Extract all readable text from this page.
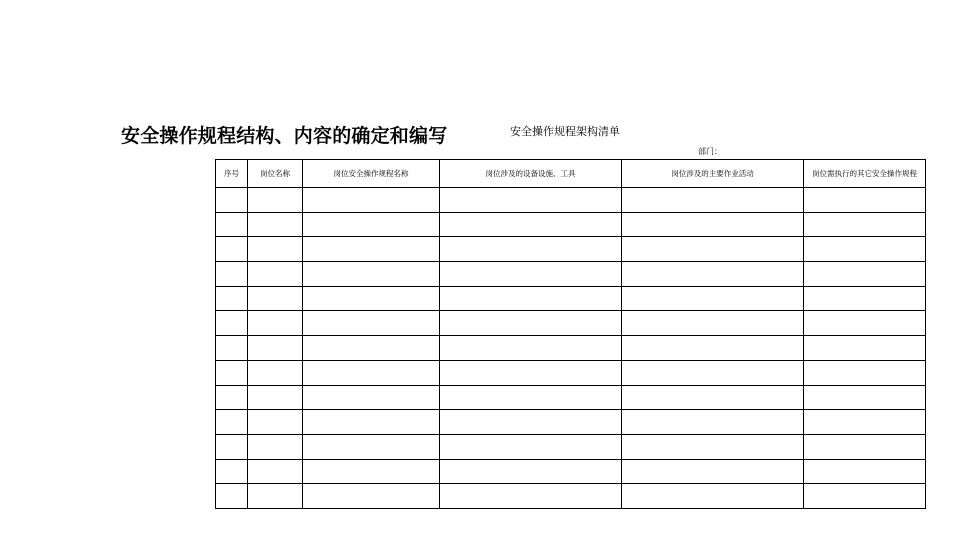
安全操作规程结构、内容的确定和编写	安全操作规程架构清单
部门：
序号	岗位名称	岗位安全操作规程名称	岗位涉及的设备设施、工具	岗位涉及的主要作业活动	岗位需执行的其它安全操作规程
